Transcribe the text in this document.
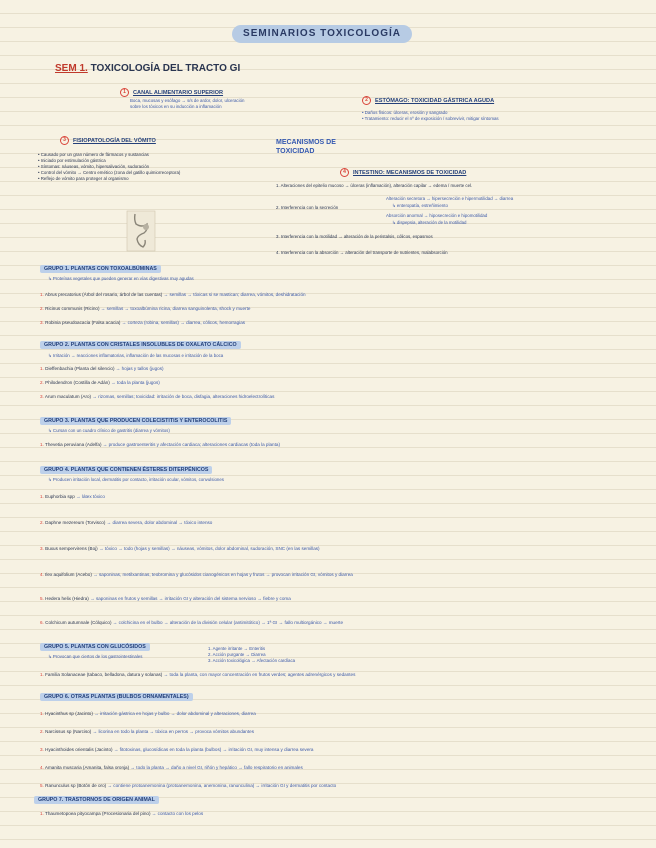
SEMINARIOS TOXICOLOGÍA
SEM 1. TOXICOLOGÍA DEL TRACTO GI
1 CANAL ALIMENTARIO SUPERIOR
Boca, mucosas y esófago → s/s de ardor, dolor, ulceración
sobre los tóxicos en su inducción a inflamación
2 ESTÓMAGO: TOXICIDAD GÁSTRICA AGUDA
• Daños físicos: úlceras, erosión y sangrado
• Tratamiento: reducir el nº de exposición / sobrevivir, mitigar síntomas
3 FISIOPATOLOGÍA DEL VÓMITO
• Causado por un gran número de fármacos y sustancias
• Iniciado por estimulación gástrica
• Síntomas: náuseas, vómito, hipersalivación, sudoración
• Control del vómito → Centro emético (zona del gatillo quimiorreceptora)
• Reflejo de vómito para proteger al organismo
MECANISMOS DE TOXICIDAD
4 INTESTINO: MECANISMOS DE TOXICIDAD
1. Alteraciones del epitelio mucoso → úlceras (inflamación), alteración capilar → edema / muerte cel.
2. Interferencia con la secreción
Alteración secretora → hipersecreción e hipermotilidad → diarrea
↳ enteropatía, estreñimiento
Absorción anormal → hiposecreción e hipomotilidad
↳ dispepsia, alteración de la motilidad
3. Interferencia con la motilidad → alteración de la peristalsis, cólicos, espasmos
4. Interferencia con la absorción → alteración del transporte de nutrientes, malabsorción
GRUPO 1. PLANTAS CON TOXOALBÚMINAS
↳ Proteínas vegetales que pueden generar en vías digestivas muy agudas
1. Abrus precatorius (Árbol del rosario, árbol de las cuentas) → semillas → tóxicas si se mastican; diarrea, vómitos, deshidratación
2. Ricinus communis (Ricino) → semillas → toxoalbúmina ricina, diarrea sanguinolenta, shock y muerte
3. Robinia pseudoacacia (Falsa acacia) → corteza (robina, semillas) → diarrea, cólicos, hemorragias
GRUPO 2. PLANTAS CON CRISTALES INSOLUBLES DE OXALATO CÁLCICO
↳ Irritación → reacciones inflamatorias, inflamación de las mucosas e irritación de la boca
1. Dieffenbachia (Planta del silencio) → hojas y tallos (jugos)
2. Philodendron (Costilla de Adán) → toda la planta (jugos)
3. Arum maculatum (Aro) → rizomas, semillas; toxicidad: irritación de boca, disfagia, alteraciones hidroelectrolíticas
GRUPO 3. PLANTAS QUE PRODUCEN COLECISTITIS Y ENTEROCOLITIS
↳ Cursan con un cuadro clínico de gastritis (diarrea y vómitos)
1. Thevetia peruviana (Adelfa) → produce gastroenteritis y afectación cardiaca; alteraciones cardiacas (toda la planta)
GRUPO 4. PLANTAS QUE CONTIENEN ÉSTERES DITERPÉNICOS
↳ Producen irritación local, dermatitis por contacto, irritación ocular, vómitos, convulsiones
1. Euphorbia spp → látex tóxico
2. Daphne mezereum (Torvisco) → diarrea severa, dolor abdominal → tóxico intenso
3. Buxus sempervirens (Boj) → tóxico → todo (hojas y semillas) → náuseas, vómitos, dolor abdominal, sudoración, SNC (en las semillas)
4. Ilex aquifolium (Acebo) → saponinas, metilxantinas, teobromina y glucósidos cianogénicos en hojas y frutos → provocan irritación GI, vómitos y diarrea
5. Hedera helix (Hiedra) → saponinas en frutos y semillas → irritación GI y alteración del sistema nervioso → fiebre y coma
6. Colchicum autumnale (Cólquico) → colchicina en el bulbo → alteración de la división celular (antimitótico) → 1ª GI → fallo multiorgánico → muerte
GRUPO 5. PLANTAS CON GLUCÓSIDOS
↳ Provocan que ciertos de los gastrointestinales
1. Agente irritante → Enteritis
2. Acción purgante → Diarrea
3. Acción toxicológica → Afectación cardíaca
1. Familia Solanaceae (tabaco, belladona, datura y solanas) → toda la planta, con mayor concentración en frutos verdes; agentes adrenérgicos y sedantes
GRUPO 6. OTRAS PLANTAS (BULBOS ORNAMENTALES)
1. Hyacinthus sp (Jacinto) → irritación gástrica en hojas y bulbo → dolor abdominal y alteraciones, diarrea
2. Narcissus sp (Narciso) → licorina en todo la planta → tóxica en perros → provoca vómitos abundantes
3. Hyacinthoides orientalis (Jacinto) → fitotoxinas, glucosídicas en toda la planta (bulbos) → irritación GI, muy intensa y diarrea severa
4. Amanita muscaria (Amanita, falsa oronja) → todo la planta → daño a nivel GI, riñón y hepático → fallo respiratorio en animales
5. Ranunculus sp (Botón de oro) → contiene protoanemonina (protoanemonina, anemonina, ranunculina) → irritación GI y dermatitis por contacto
GRUPO 7. TRASTORNOS DE ORIGEN ANIMAL
1. Thaumetopoea pityocampa (Procesionaria del pino) → contacto con los pelos
